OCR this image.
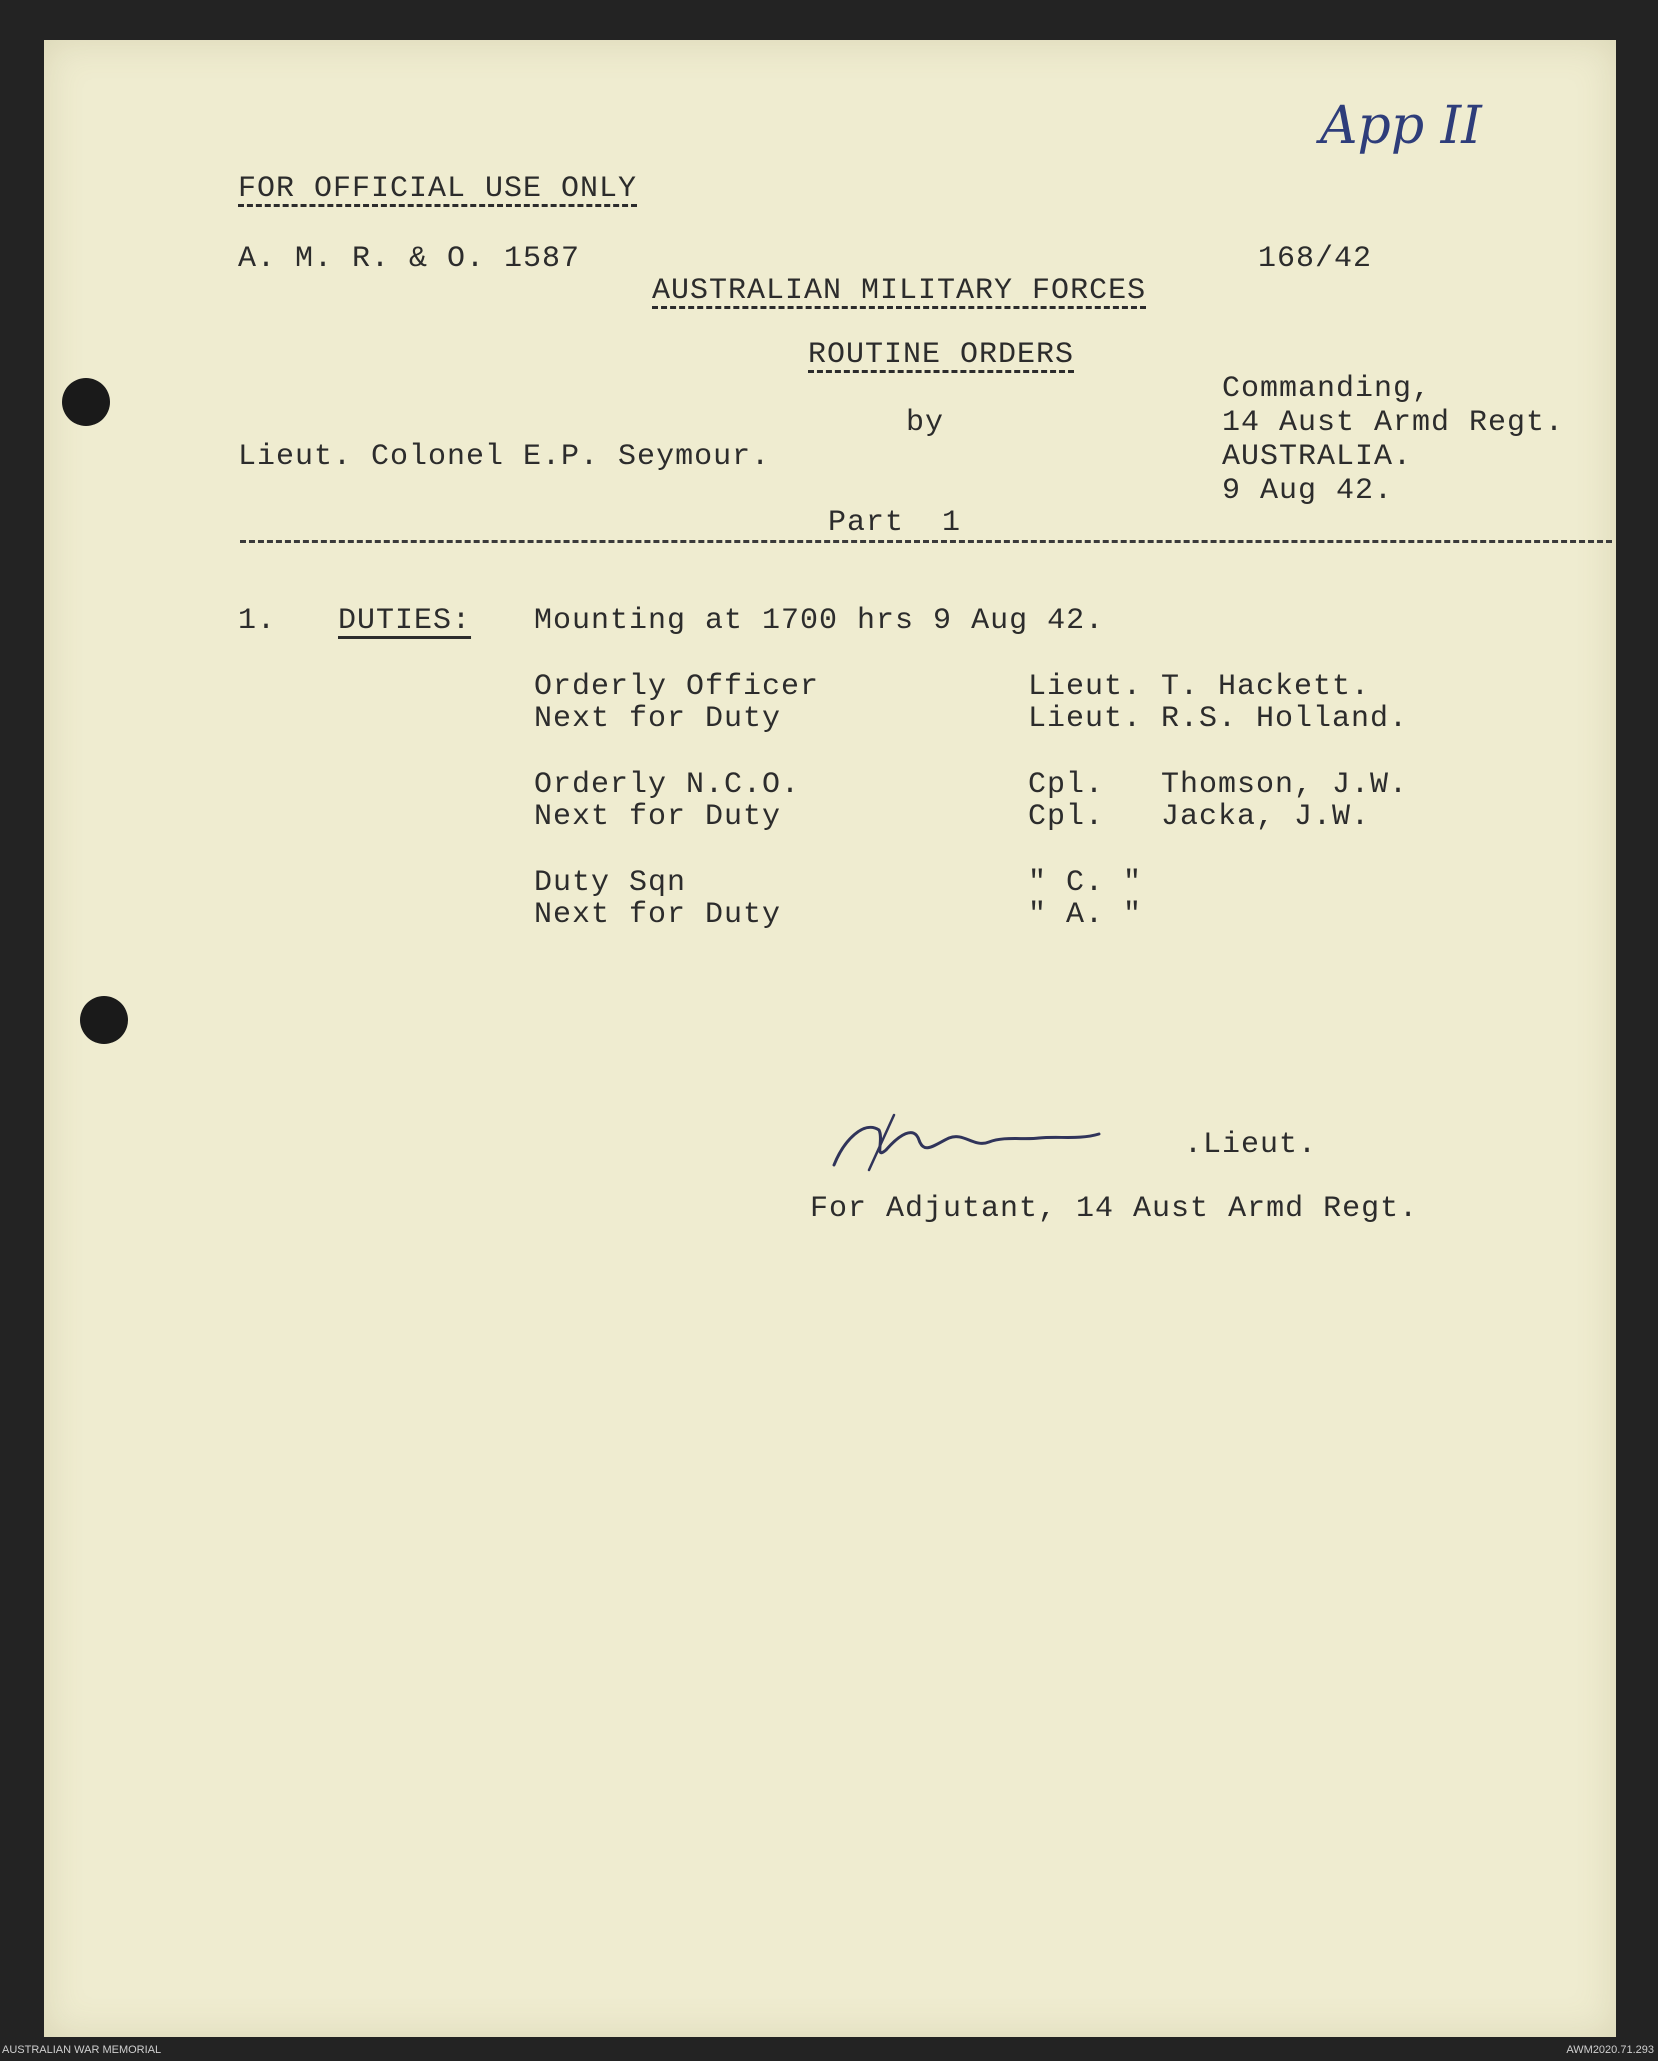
App II
FOR OFFICIAL USE ONLY
A. M. R. & O. 1587	168/42
AUSTRALIAN MILITARY FORCES
ROUTINE ORDERS
Commanding,
by	14 Aust Armd Regt.
Lieut. Colonel E.P. Seymour.	AUSTRALIA.
9 Aug 42.
Part  1
1. DUTIES: Mounting at 1700 hrs 9 Aug 42.
Orderly Officer	Lieut. T. Hackett.
Next for Duty	Lieut. R.S. Holland.
Orderly N.C.O.	Cpl.   Thomson, J.W.
Next for Duty	Cpl.   Jacka, J.W.
Duty Sqn	" C. "
Next for Duty	" A. "
.Lieut.
For Adjutant, 14 Aust Armd Regt.
AUSTRALIAN WAR MEMORIAL	AWM2020.71.293
